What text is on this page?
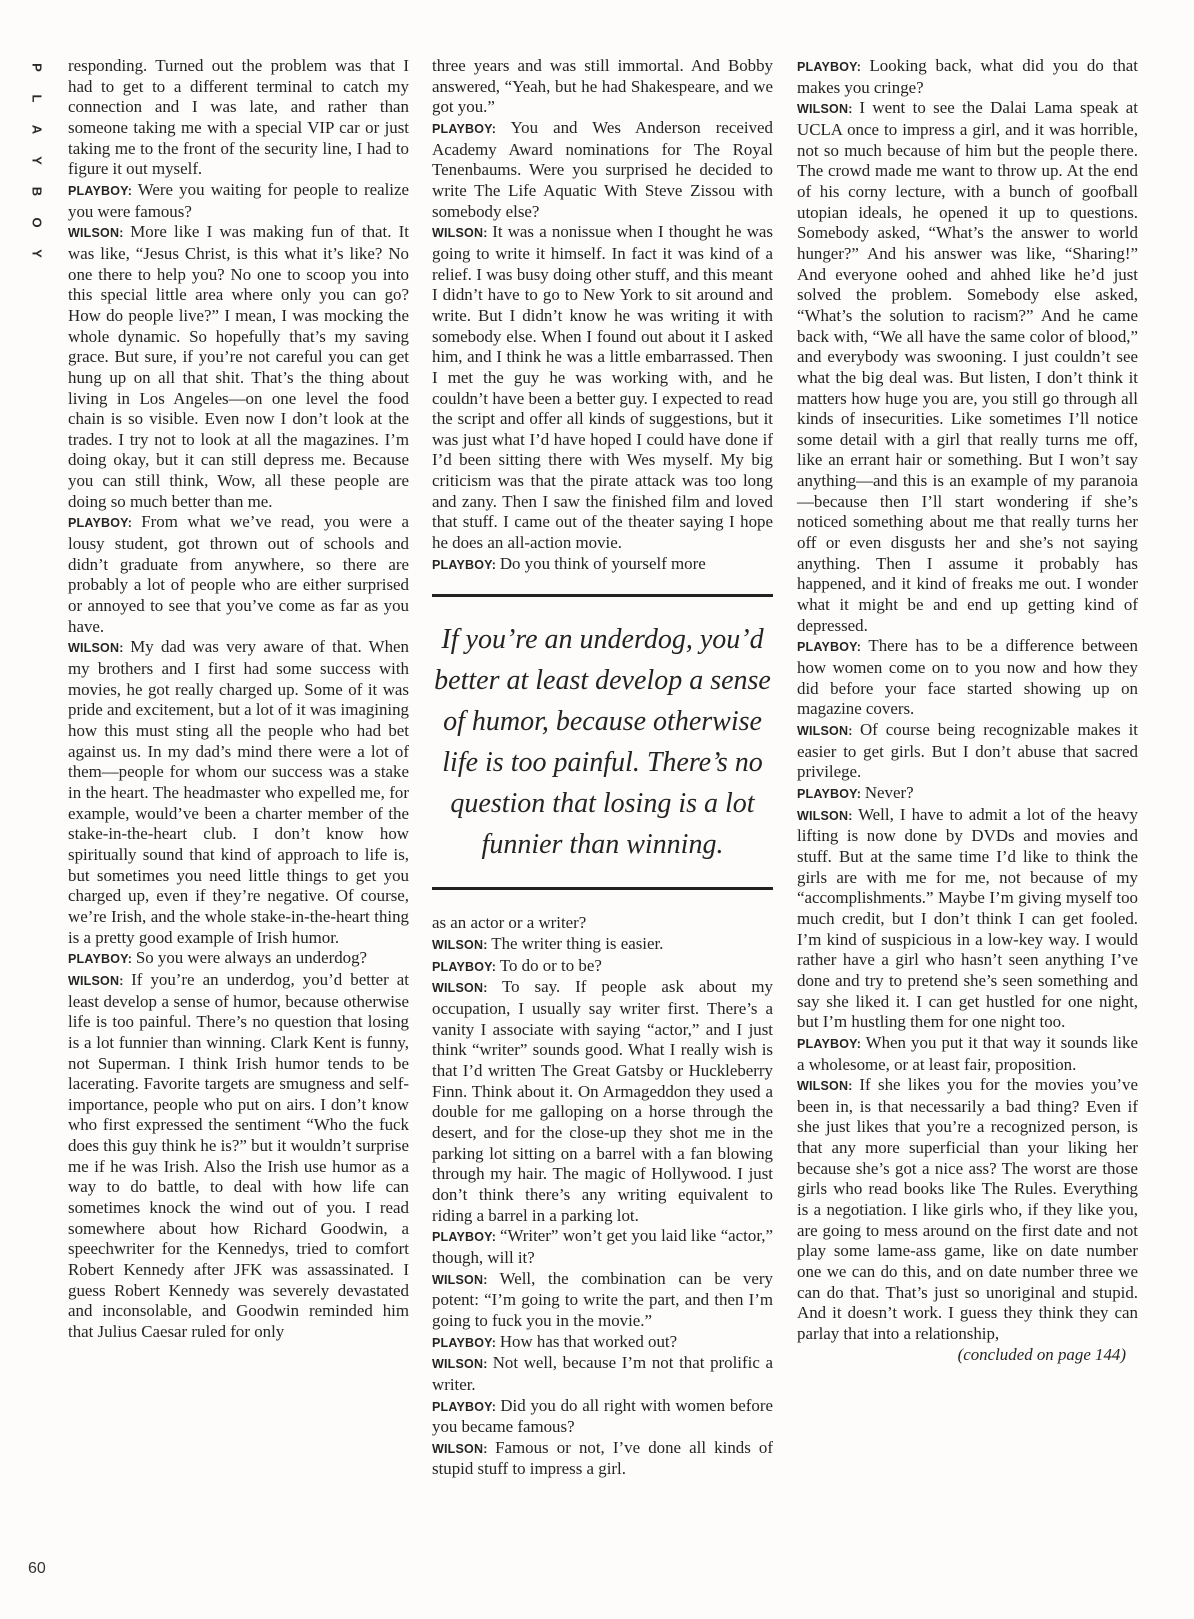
P
L
A
Y
B
O
Y

responding. Turned out the problem was that I had to get to a different terminal to catch my connection and I was late, and rather than someone taking me with a special VIP car or just taking me to the front of the security line, I had to figure it out myself.

PLAYBOY: Were you waiting for people to realize you were famous?

WILSON: More like I was making fun of that. It was like, “Jesus Christ, is this what it’s like? No one there to help you? No one to scoop you into this special little area where only you can go? How do people live?” I mean, I was mocking the whole dynamic. So hopefully that’s my saving grace. But sure, if you’re not careful you can get hung up on all that shit. That’s the thing about living in Los Angeles—on one level the food chain is so visible. Even now I don’t look at the trades. I try not to look at all the magazines. I’m doing okay, but it can still depress me. Because you can still think, Wow, all these people are doing so much better than me.

PLAYBOY: From what we’ve read, you were a lousy student, got thrown out of schools and didn’t graduate from anywhere, so there are probably a lot of people who are either surprised or annoyed to see that you’ve come as far as you have.

WILSON: My dad was very aware of that. When my brothers and I first had some success with movies, he got really charged up. Some of it was pride and excitement, but a lot of it was imagining how this must sting all the people who had bet against us. In my dad’s mind there were a lot of them—people for whom our success was a stake in the heart. The headmaster who expelled me, for example, would’ve been a charter member of the stake-in-the-heart club. I don’t know how spiritually sound that kind of approach to life is, but sometimes you need little things to get you charged up, even if they’re negative. Of course, we’re Irish, and the whole stake-in-the-heart thing is a pretty good example of Irish humor.

PLAYBOY: So you were always an underdog?

WILSON: If you’re an underdog, you’d better at least develop a sense of humor, because otherwise life is too painful. There’s no question that losing is a lot funnier than winning. Clark Kent is funny, not Superman. I think Irish humor tends to be lacerating. Favorite targets are smugness and self-importance, people who put on airs. I don’t know who first expressed the sentiment “Who the fuck does this guy think he is?” but it wouldn’t surprise me if he was Irish. Also the Irish use humor as a way to do battle, to deal with how life can sometimes knock the wind out of you. I read somewhere about how Richard Goodwin, a speechwriter for the Kennedys, tried to comfort Robert Kennedy after JFK was assassinated. I guess Robert Kennedy was severely devastated and inconsolable, and Goodwin reminded him that Julius Caesar ruled for only

three years and was still immortal. And Bobby answered, “Yeah, but he had Shakespeare, and we got you.”

PLAYBOY: You and Wes Anderson received Academy Award nominations for The Royal Tenenbaums. Were you surprised he decided to write The Life Aquatic With Steve Zissou with somebody else?

WILSON: It was a nonissue when I thought he was going to write it himself. In fact it was kind of a relief. I was busy doing other stuff, and this meant I didn’t have to go to New York to sit around and write. But I didn’t know he was writing it with somebody else. When I found out about it I asked him, and I think he was a little embarrassed. Then I met the guy he was working with, and he couldn’t have been a better guy. I expected to read the script and offer all kinds of suggestions, but it was just what I’d have hoped I could have done if I’d been sitting there with Wes myself. My big criticism was that the pirate attack was too long and zany. Then I saw the finished film and loved that stuff. I came out of the theater saying I hope he does an all-action movie.

PLAYBOY: Do you think of yourself more

If you’re an underdog, you’d better at least develop a sense of humor, because otherwise life is too painful. There’s no question that losing is a lot funnier than winning.

as an actor or a writer?

WILSON: The writer thing is easier.

PLAYBOY: To do or to be?

WILSON: To say. If people ask about my occupation, I usually say writer first. There’s a vanity I associate with saying “actor,” and I just think “writer” sounds good. What I really wish is that I’d written The Great Gatsby or Huckleberry Finn. Think about it. On Armageddon they used a double for me galloping on a horse through the desert, and for the close-up they shot me in the parking lot sitting on a barrel with a fan blowing through my hair. The magic of Hollywood. I just don’t think there’s any writing equivalent to riding a barrel in a parking lot.

PLAYBOY: “Writer” won’t get you laid like “actor,” though, will it?

WILSON: Well, the combination can be very potent: “I’m going to write the part, and then I’m going to fuck you in the movie.”

PLAYBOY: How has that worked out?

WILSON: Not well, because I’m not that prolific a writer.

PLAYBOY: Did you do all right with women before you became famous?

WILSON: Famous or not, I’ve done all kinds of stupid stuff to impress a girl.

PLAYBOY: Looking back, what did you do that makes you cringe?

WILSON: I went to see the Dalai Lama speak at UCLA once to impress a girl, and it was horrible, not so much because of him but the people there. The crowd made me want to throw up. At the end of his corny lecture, with a bunch of goofball utopian ideals, he opened it up to questions. Somebody asked, “What’s the answer to world hunger?” And his answer was like, “Sharing!” And everyone oohed and ahhed like he’d just solved the problem. Somebody else asked, “What’s the solution to racism?” And he came back with, “We all have the same color of blood,” and everybody was swooning. I just couldn’t see what the big deal was. But listen, I don’t think it matters how huge you are, you still go through all kinds of insecurities. Like sometimes I’ll notice some detail with a girl that really turns me off, like an errant hair or something. But I won’t say anything—and this is an example of my paranoia—because then I’ll start wondering if she’s noticed something about me that really turns her off or even disgusts her and she’s not saying anything. Then I assume it probably has happened, and it kind of freaks me out. I wonder what it might be and end up getting kind of depressed.

PLAYBOY: There has to be a difference between how women come on to you now and how they did before your face started showing up on magazine covers.

WILSON: Of course being recognizable makes it easier to get girls. But I don’t abuse that sacred privilege.

PLAYBOY: Never?

WILSON: Well, I have to admit a lot of the heavy lifting is now done by DVDs and movies and stuff. But at the same time I’d like to think the girls are with me for me, not because of my “accomplishments.” Maybe I’m giving myself too much credit, but I don’t think I can get fooled. I’m kind of suspicious in a low-key way. I would rather have a girl who hasn’t seen anything I’ve done and try to pretend she’s seen something and say she liked it. I can get hustled for one night, but I’m hustling them for one night too.

PLAYBOY: When you put it that way it sounds like a wholesome, or at least fair, proposition.

WILSON: If she likes you for the movies you’ve been in, is that necessarily a bad thing? Even if she just likes that you’re a recognized person, is that any more superficial than your liking her because she’s got a nice ass? The worst are those girls who read books like The Rules. Everything is a negotiation. I like girls who, if they like you, are going to mess around on the first date and not play some lame-ass game, like on date number one we can do this, and on date number three we can do that. That’s just so unoriginal and stupid. And it doesn’t work. I guess they think they can parlay that into a relationship,

(concluded on page 144)

60
